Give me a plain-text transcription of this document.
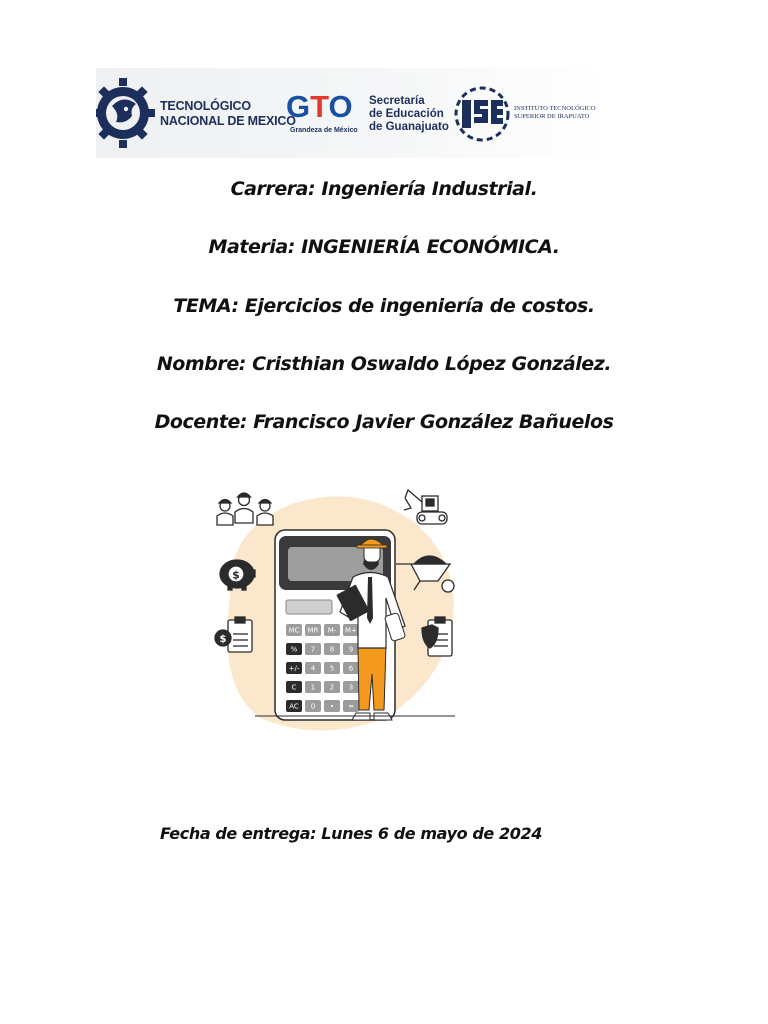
TECNOLÓGICO
NACIONAL DE MEXICO
GTO
Grandeza de México
Secretaría
de Educación
de Guanajuato
INSTITUTO TECNOLÓGICO
SUPERIOR DE IRAPUATO
Carrera: Ingeniería Industrial.
Materia: INGENIERÍA ECONÓMICA.
TEMA: Ejercicios de ingeniería de costos.
Nombre: Cristhian Oswaldo López González.
Docente: Francisco Javier González Bañuelos
$
$
MC MR M- M+
% 7 8 9
+/- 4 5 6
C 1 2 3
AC 0 • =
Fecha de entrega: Lunes 6 de mayo de 2024
